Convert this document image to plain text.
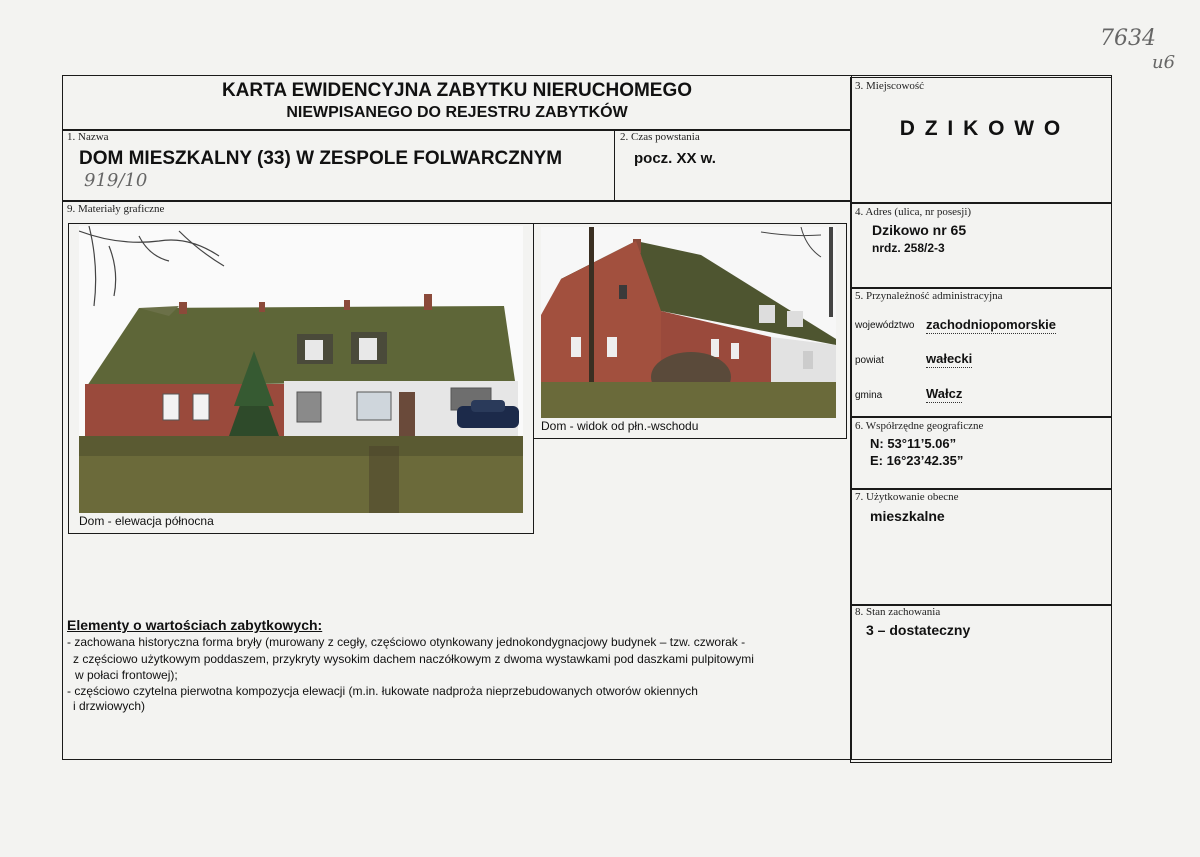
7634
u6
KARTA EWIDENCYJNA ZABYTKU NIERUCHOMEGO
NIEWPISANEGO DO REJESTRU ZABYTKÓW
1. Nazwa
DOM MIESZKALNY (33) W ZESPOLE FOLWARCZNYM
919/10
2. Czas powstania
pocz. XX w.
3. Miejscowość
D Z I K O W O
4. Adres (ulica, nr posesji)
Dzikowo nr 65
nrdz. 258/2-3
5. Przynależność administracyjna
województwo zachodniopomorskie
powiat	wałecki
gmina	Wałcz
6. Współrzędne geograficzne
N: 53°11’5.06”
E: 16°23’42.35”
7. Użytkowanie obecne
mieszkalne
8. Stan zachowania
3 – dostateczny
9. Materiały graficzne
Dom - elewacja północna
Dom - widok od płn.-wschodu
Elementy o wartościach zabytkowych:
- zachowana historyczna forma bryły (murowany z cegły, częściowo otynkowany jednokondygnacjowy budynek – tzw. czworak -
z częściowo użytkowym poddaszem, przykryty wysokim dachem naczółkowym z dwoma wystawkami pod daszkami pulpitowymi
w połaci frontowej);
- częściowo czytelna pierwotna kompozycja elewacji (m.in. łukowate nadproża nieprzebudowanych otworów okiennych
i drzwiowych)
